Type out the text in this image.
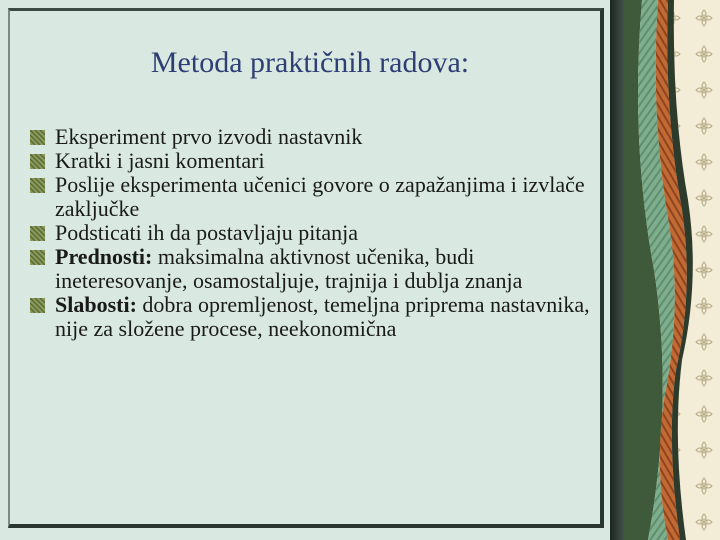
Metoda praktičnih radova:
Eksperiment prvo izvodi nastavnik
Kratki i jasni komentari
Poslije eksperimenta učenici govore o zapažanjima i izvlače zaključke
Podsticati ih da postavljaju pitanja
Prednosti: maksimalna aktivnost učenika, budi ineteresovanje, osamostaljuje, trajnija i dublja znanja
Slabosti: dobra opremljenost, temeljna priprema nastavnika, nije za složene procese, neekonomična
